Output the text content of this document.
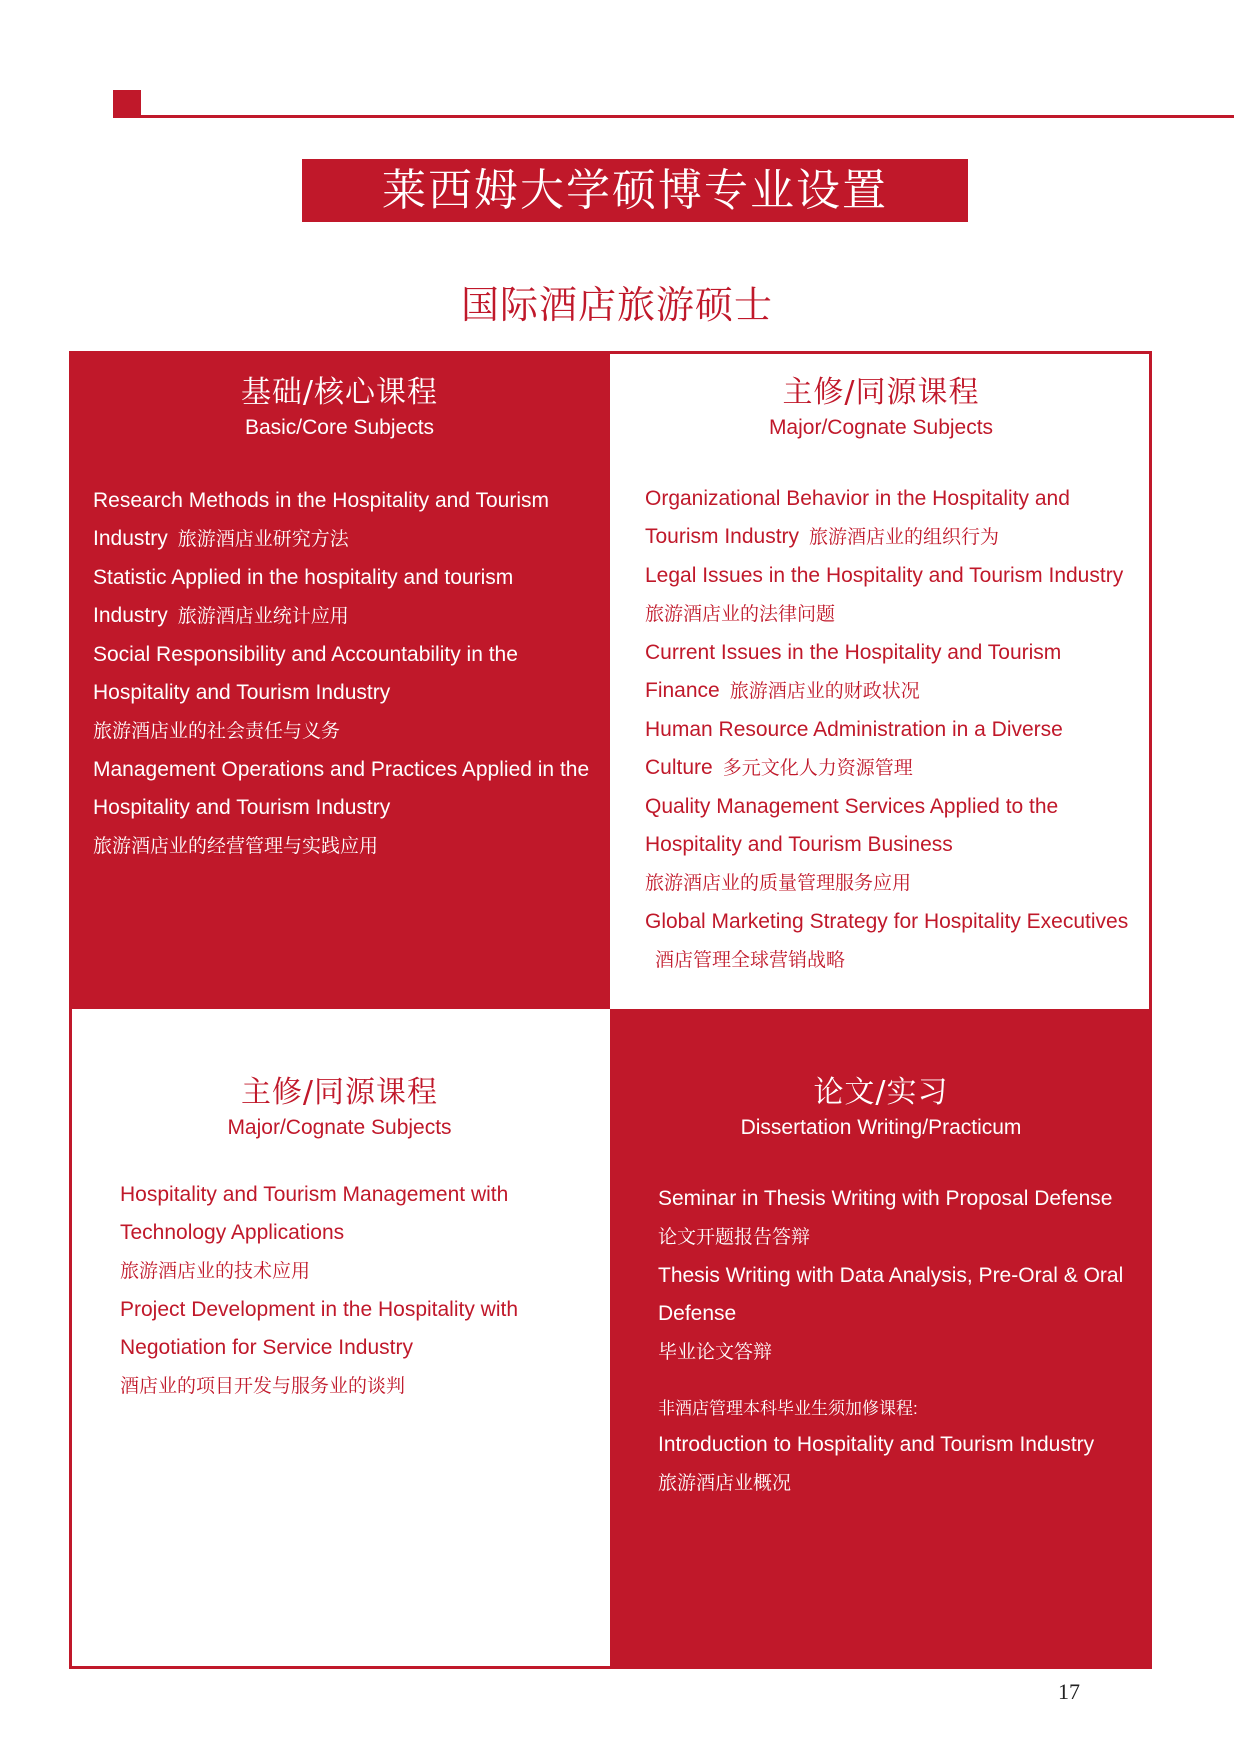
莱西姆大学硕博专业设置
国际酒店旅游硕士
基础/核心课程
Basic/Core Subjects
Research Methods in the Hospitality and Tourism Industry 旅游酒店业研究方法
Statistic Applied in the hospitality and tourism Industry 旅游酒店业统计应用
Social Responsibility and Accountability in the Hospitality and Tourism Industry
旅游酒店业的社会责任与义务
Management Operations and Practices Applied in the Hospitality and Tourism Industry
旅游酒店业的经营管理与实践应用
主修/同源课程
Major/Cognate Subjects
Organizational Behavior in the Hospitality and Tourism Industry 旅游酒店业的组织行为
Legal Issues in the Hospitality and Tourism Industry
旅游酒店业的法律问题
Current Issues in the Hospitality and Tourism Finance 旅游酒店业的财政状况
Human Resource Administration in a Diverse Culture 多元文化人力资源管理
Quality Management Services Applied to the Hospitality and Tourism Business
旅游酒店业的质量管理服务应用
Global Marketing Strategy for Hospitality Executives酒店管理全球营销战略
主修/同源课程
Major/Cognate Subjects
Hospitality and Tourism Management with Technology Applications
旅游酒店业的技术应用
Project Development in the Hospitality with Negotiation for Service Industry
酒店业的项目开发与服务业的谈判
论文/实习
Dissertation Writing/Practicum
Seminar in Thesis Writing with Proposal Defense
论文开题报告答辩
Thesis Writing with Data Analysis, Pre-Oral & Oral Defense
毕业论文答辩
非酒店管理本科毕业生须加修课程:
Introduction to Hospitality and Tourism Industry
旅游酒店业概况
17
